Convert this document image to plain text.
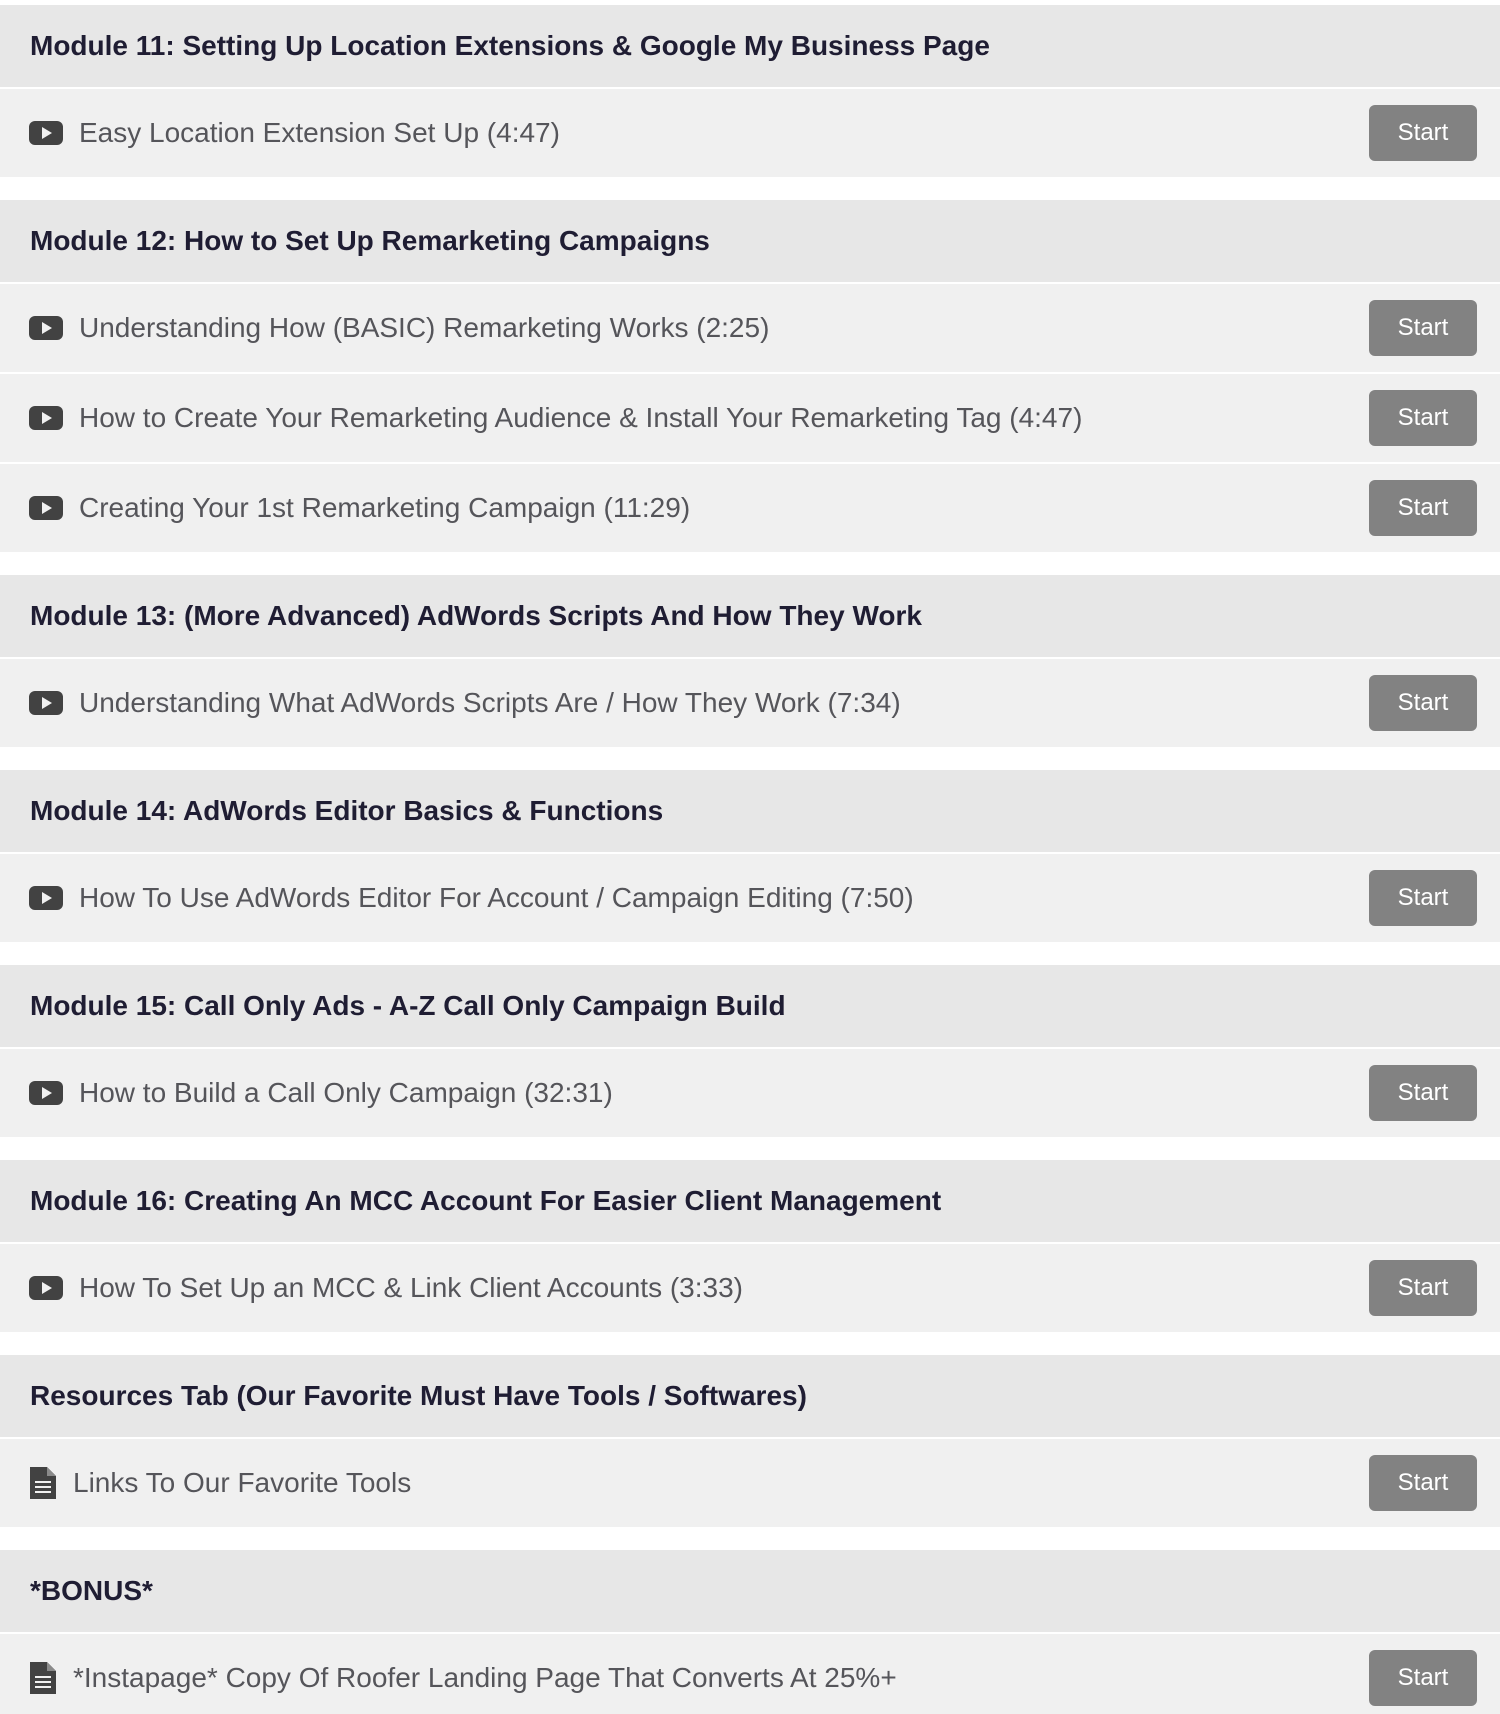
Module 11: Setting Up Location Extensions & Google My Business Page
Easy Location Extension Set Up (4:47)	Start
Module 12: How to Set Up Remarketing Campaigns
Understanding How (BASIC) Remarketing Works (2:25)	Start
How to Create Your Remarketing Audience & Install Your Remarketing Tag (4:47)	Start
Creating Your 1st Remarketing Campaign (11:29)	Start
Module 13: (More Advanced) AdWords Scripts And How They Work
Understanding What AdWords Scripts Are / How They Work (7:34)	Start
Module 14: AdWords Editor Basics & Functions
How To Use AdWords Editor For Account / Campaign Editing (7:50)	Start
Module 15: Call Only Ads - A-Z Call Only Campaign Build
How to Build a Call Only Campaign (32:31)	Start
Module 16: Creating An MCC Account For Easier Client Management
How To Set Up an MCC & Link Client Accounts (3:33)	Start
Resources Tab (Our Favorite Must Have Tools / Softwares)
Links To Our Favorite Tools	Start
*BONUS*
*Instapage* Copy Of Roofer Landing Page That Converts At 25%+	Start
